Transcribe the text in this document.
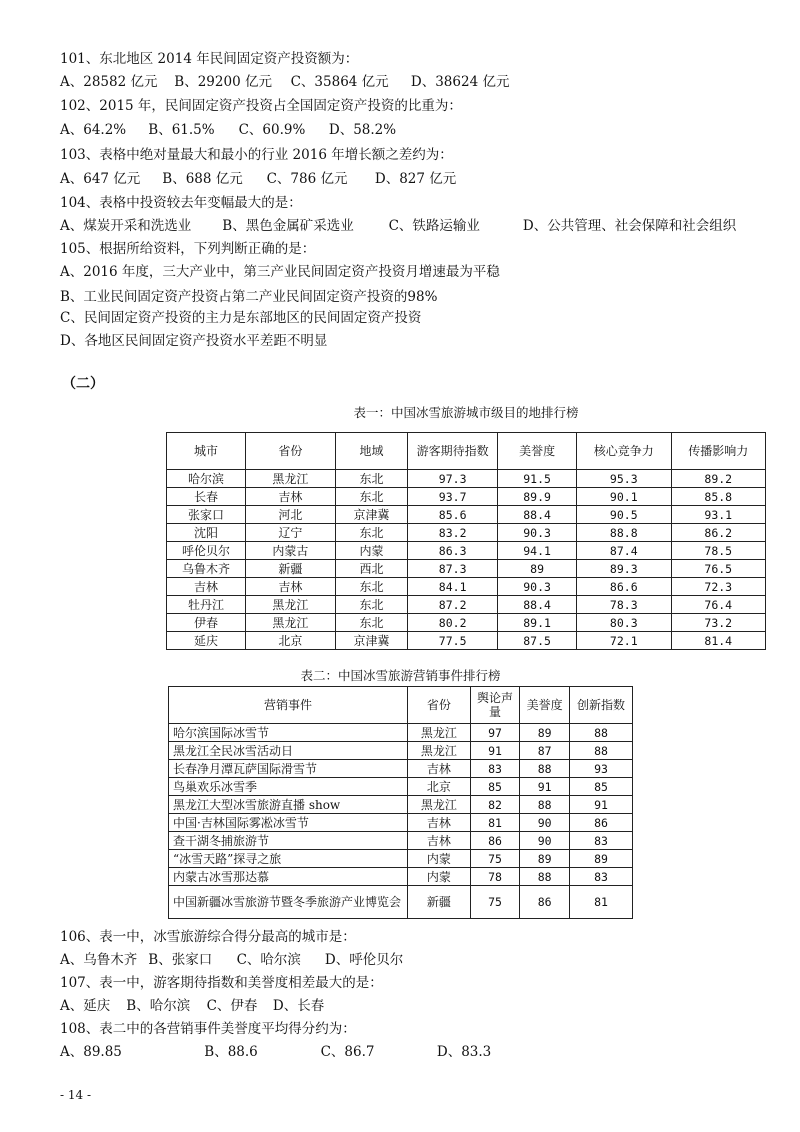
101、东北地区 2014 年民间固定资产投资额为：
A、28582 亿元 B、29200 亿元 C、35864 亿元 D、38624 亿元
102、2015 年，民间固定资产投资占全国固定资产投资的比重为：
A、64.2% B、61.5% C、60.9% D、58.2%
103、表格中绝对量最大和最小的行业 2016 年增长额之差约为：
A、647 亿元 B、688 亿元 C、786 亿元 D、827 亿元
104、表格中投资较去年变幅最大的是：
A、煤炭开采和洗选业 B、黑色金属矿采选业	C、铁路运输业	D、公共管理、社会保障和社会组织
105、根据所给资料，下列判断正确的是：
A、2016 年度，三大产业中，第三产业民间固定资产投资月增速最为平稳
B、工业民间固定资产投资占第二产业民间固定资产投资的98%
C、民间固定资产投资的主力是东部地区的民间固定资产投资
D、各地区民间固定资产投资水平差距不明显
（二）
表一：中国冰雪旅游城市级目的地排行榜
城市	省份	地域	游客期待指数	美誉度	核心竞争力	传播影响力
哈尔滨	黑龙江	东北	97.3	91.5	95.3	89.2
长春	吉林	东北	93.7	89.9	90.1	85.8
张家口	河北	京津冀	85.6	88.4	90.5	93.1
沈阳	辽宁	东北	83.2	90.3	88.8	86.2
呼伦贝尔	内蒙古	内蒙	86.3	94.1	87.4	78.5
乌鲁木齐	新疆	西北	87.3	89	89.3	76.5
吉林	吉林	东北	84.1	90.3	86.6	72.3
牡丹江	黑龙江	东北	87.2	88.4	78.3	76.4
伊春	黑龙江	东北	80.2	89.1	80.3	73.2
延庆	北京	京津冀	77.5	87.5	72.1	81.4
表二：中国冰雪旅游营销事件排行榜
营销事件	省份	舆论声量	美誉度	创新指数
哈尔滨国际冰雪节	黑龙江	97	89	88
黑龙江全民冰雪活动日	黑龙江	91	87	88
长春净月潭瓦萨国际滑雪节	吉林	83	88	93
鸟巢欢乐冰雪季	北京	85	91	85
黑龙江大型冰雪旅游直播 show	黑龙江	82	88	91
中国·吉林国际雾凇冰雪节	吉林	81	90	86
查干湖冬捕旅游节	吉林	86	90	83
“冰雪天路”探寻之旅	内蒙	75	89	89
内蒙古冰雪那达慕	内蒙	78	88	83
中国新疆冰雪旅游节暨冬季旅游产业博览会	新疆	75	86	81
106、表一中，冰雪旅游综合得分最高的城市是：
A、乌鲁木齐 B、张家口 C、哈尔滨 D、呼伦贝尔
107、表一中，游客期待指数和美誉度相差最大的是：
A、延庆 B、哈尔滨 C、伊春 D、长春
108、表二中的各营销事件美誉度平均得分约为：
A、89.85	B、88.6	C、86.7	D、83.3
- 14 -
